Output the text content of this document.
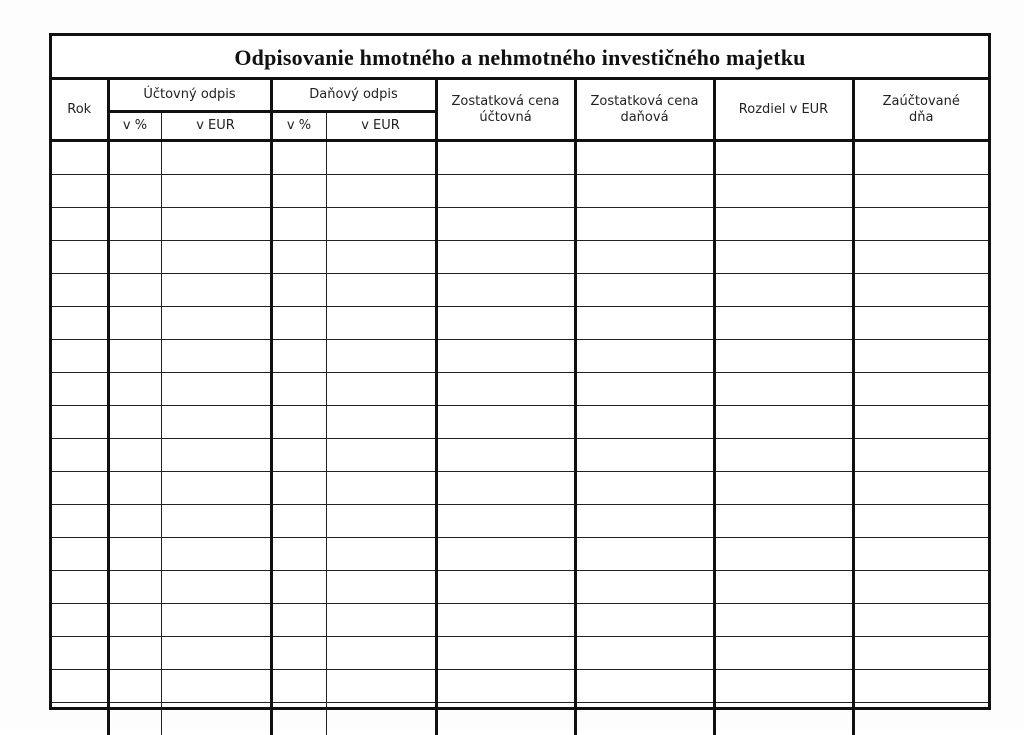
Odpisovanie hmotného a nehmotného investičného majetku
Rok	Účtovný odpis		Daňový odpis		Zostatková cena účtovná	Zostatková cena daňová	Rozdiel v EUR	Zaúčtované dňa
	v %	v EUR	v %	v EUR				
